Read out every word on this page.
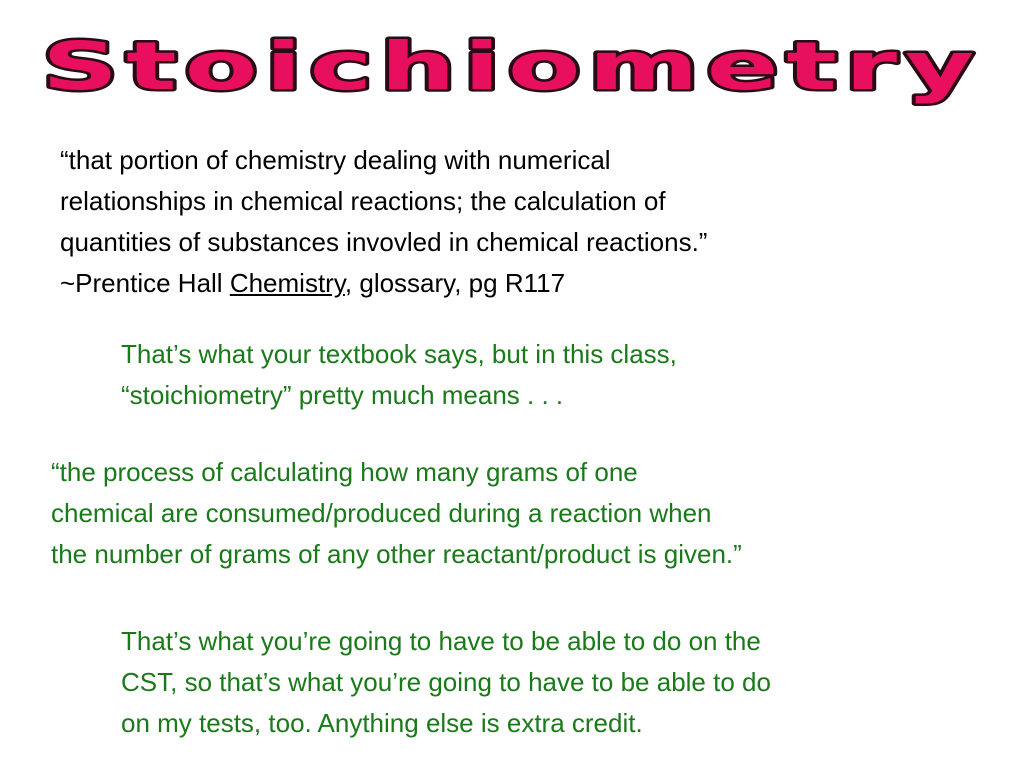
Stoichiometry
“that portion of chemistry dealing with numerical
relationships in chemical reactions; the calculation of
quantities of substances invovled in chemical reactions.”
~Prentice Hall Chemistry, glossary, pg R117
That’s what your textbook says, but in this class,
“stoichiometry” pretty much means . . .
“the process of calculating how many grams of one
chemical are consumed/produced during a reaction when
the number of grams of any other reactant/product is given.”
That’s what you’re going to have to be able to do on the
CST, so that’s what you’re going to have to be able to do
on my tests, too. Anything else is extra credit.
